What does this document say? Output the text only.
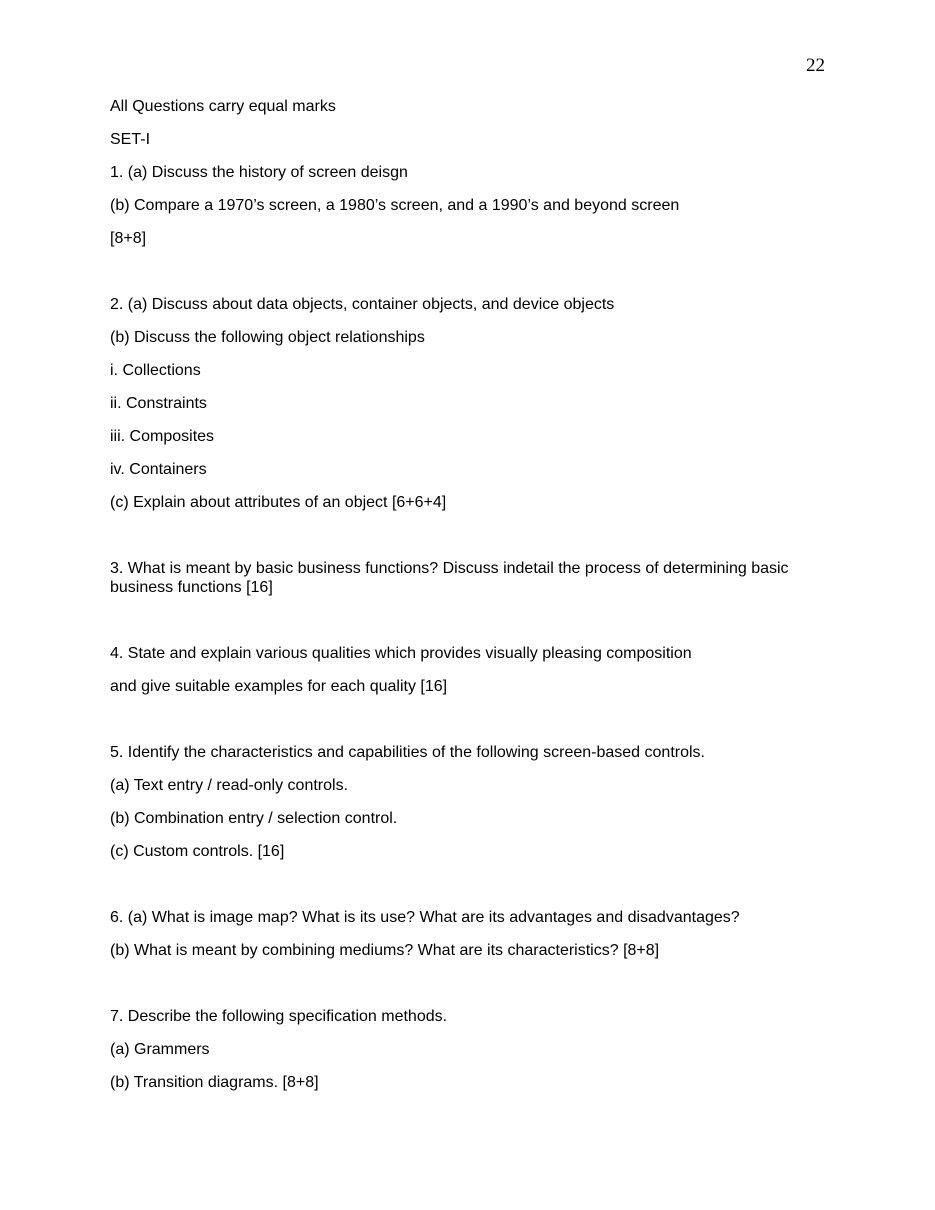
22
All Questions carry equal marks
SET-I
1. (a) Discuss the history of screen deisgn
(b) Compare a 1970’s screen, a 1980’s screen, and a 1990’s and beyond screen
[8+8]
2. (a) Discuss about data objects, container objects, and device objects
(b) Discuss the following object relationships
i. Collections
ii. Constraints
iii. Composites
iv. Containers
(c) Explain about attributes of an object [6+6+4]
3. What is meant by basic business functions? Discuss indetail the process of determining basic business functions [16]
4. State and explain various qualities which provides visually pleasing composition
and give suitable examples for each quality [16]
5. Identify the characteristics and capabilities of the following screen-based controls.
(a) Text entry / read-only controls.
(b) Combination entry / selection control.
(c) Custom controls. [16]
6. (a) What is image map? What is its use? What are its advantages and disadvantages?
(b) What is meant by combining mediums? What are its characteristics? [8+8]
7. Describe the following specification methods.
(a) Grammers
(b) Transition diagrams. [8+8]
